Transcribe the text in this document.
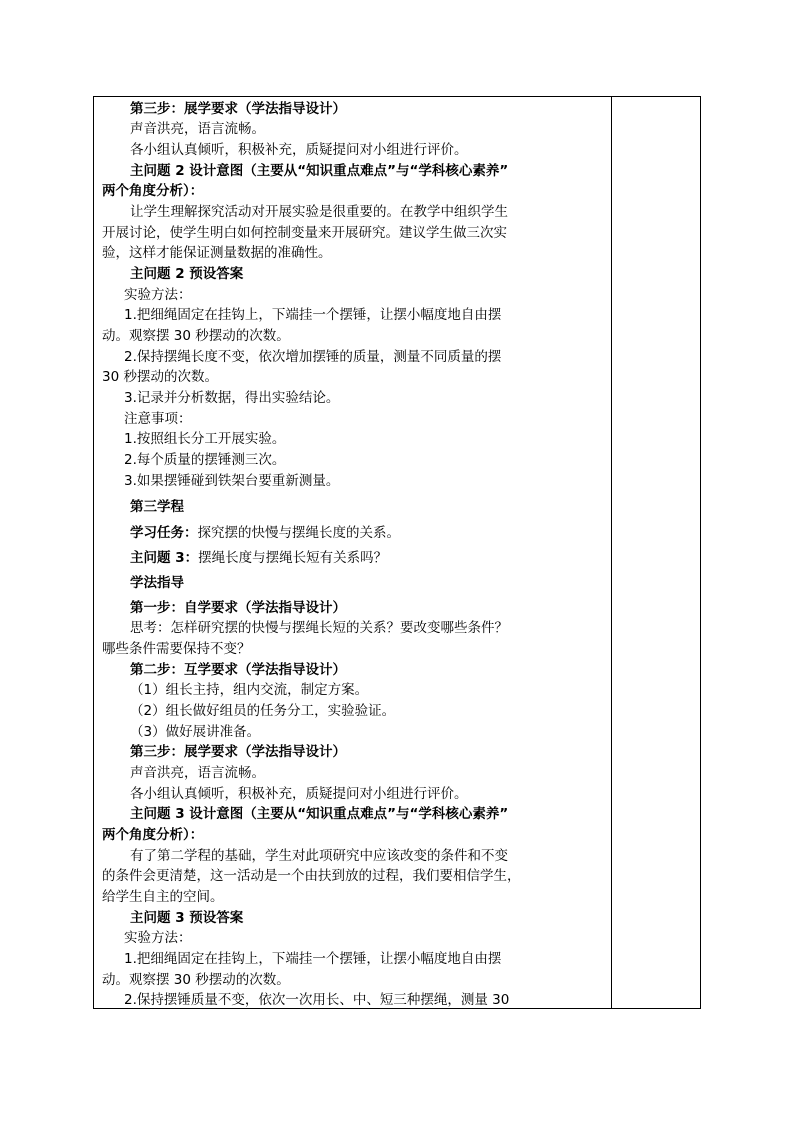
第三步：展学要求（学法指导设计）
声音洪亮，语言流畅。
各小组认真倾听，积极补充，质疑提问对小组进行评价。
主问题 2 设计意图（主要从“知识重点难点”与“学科核心素养”
两个角度分析）：
让学生理解探究活动对开展实验是很重要的。在教学中组织学生
开展讨论，使学生明白如何控制变量来开展研究。建议学生做三次实
验，这样才能保证测量数据的准确性。
主问题 2 预设答案
实验方法：
1.把细绳固定在挂钩上，下端挂一个摆锤，让摆小幅度地自由摆
动。观察摆 30 秒摆动的次数。
2.保持摆绳长度不变，依次增加摆锤的质量，测量不同质量的摆
30 秒摆动的次数。
3.记录并分析数据，得出实验结论。
注意事项：
1.按照组长分工开展实验。
2.每个质量的摆锤测三次。
3.如果摆锤碰到铁架台要重新测量。
第三学程
学习任务：探究摆的快慢与摆绳长度的关系。
主问题 3：摆绳长度与摆绳长短有关系吗？
学法指导
第一步：自学要求（学法指导设计）
思考：怎样研究摆的快慢与摆绳长短的关系？要改变哪些条件？
哪些条件需要保持不变？
第二步：互学要求（学法指导设计）
（1）组长主持，组内交流，制定方案。
（2）组长做好组员的任务分工，实验验证。
（3）做好展讲准备。
第三步：展学要求（学法指导设计）
声音洪亮，语言流畅。
各小组认真倾听，积极补充，质疑提问对小组进行评价。
主问题 3 设计意图（主要从“知识重点难点”与“学科核心素养”
两个角度分析）：
有了第二学程的基础，学生对此项研究中应该改变的条件和不变
的条件会更清楚，这一活动是一个由扶到放的过程，我们要相信学生，
给学生自主的空间。
主问题 3 预设答案
实验方法：
1.把细绳固定在挂钩上，下端挂一个摆锤，让摆小幅度地自由摆
动。观察摆 30 秒摆动的次数。
2.保持摆锤质量不变，依次一次用长、中、短三种摆绳，测量 30
